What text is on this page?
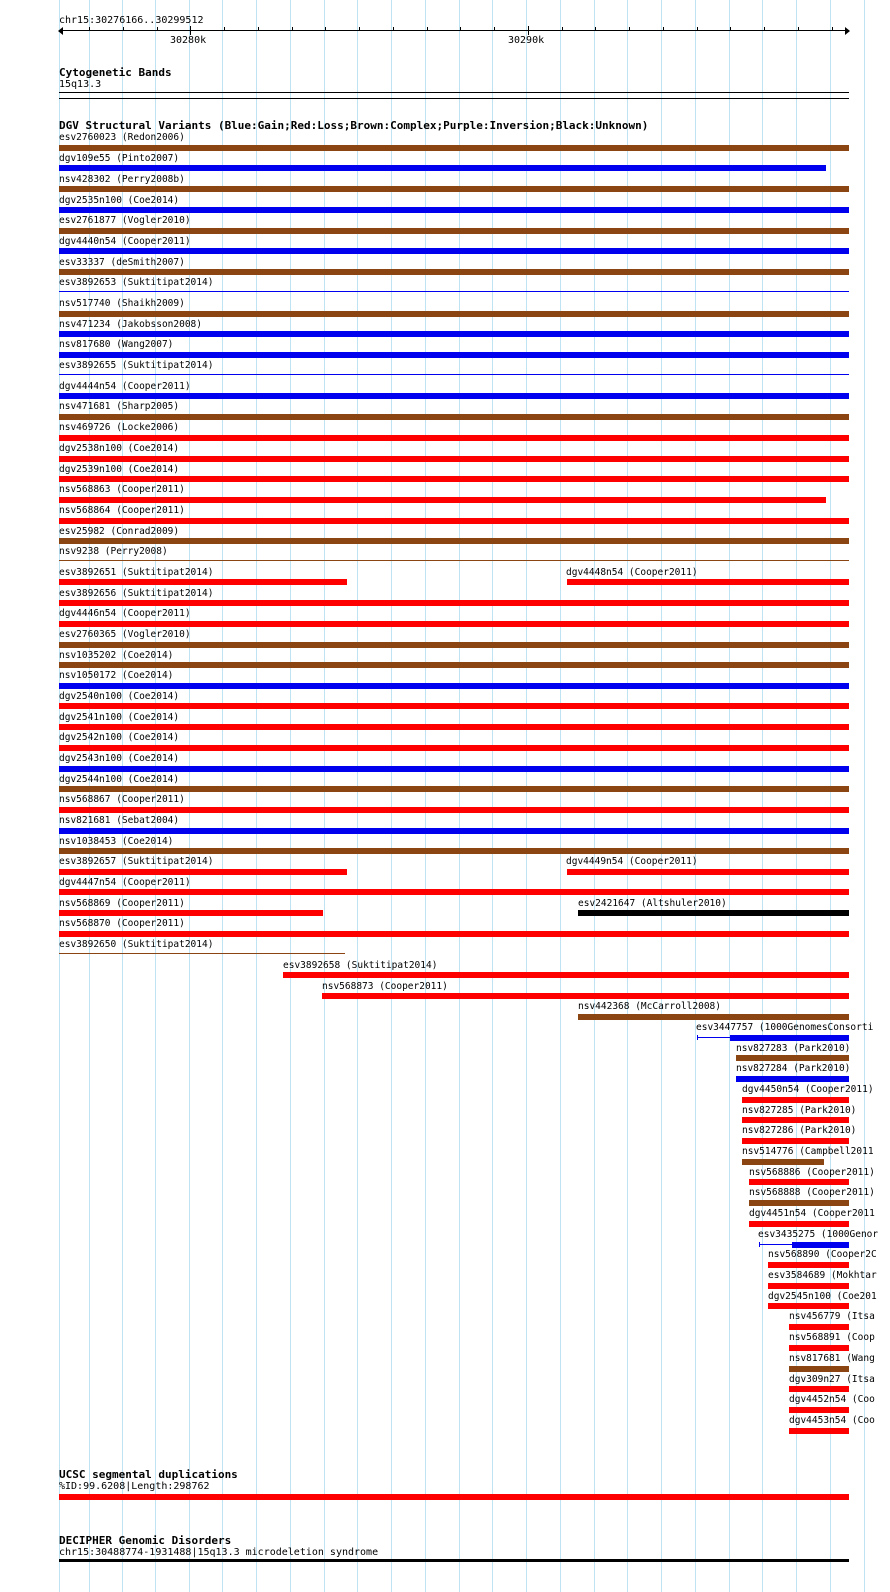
chr15:30276166..30299512
30280k	30290k
Cytogenetic Bands
15q13.3
DGV Structural Variants (Blue:Gain;Red:Loss;Brown:Complex;Purple:Inversion;Black:Unknown)
esv2760023 (Redon2006)
dgv109e55 (Pinto2007)
nsv428302 (Perry2008b)
dgv2535n100 (Coe2014)
esv2761877 (Vogler2010)
dgv4440n54 (Cooper2011)
esv33337 (deSmith2007)
esv3892653 (Suktitipat2014)
nsv517740 (Shaikh2009)
nsv471234 (Jakobsson2008)
nsv817680 (Wang2007)
esv3892655 (Suktitipat2014)
dgv4444n54 (Cooper2011)
nsv471681 (Sharp2005)
nsv469726 (Locke2006)
dgv2538n100 (Coe2014)
dgv2539n100 (Coe2014)
nsv568863 (Cooper2011)
nsv568864 (Cooper2011)
esv25982 (Conrad2009)
nsv9238 (Perry2008)
esv3892651 (Suktitipat2014)	dgv4448n54 (Cooper2011)
esv3892656 (Suktitipat2014)
dgv4446n54 (Cooper2011)
esv2760365 (Vogler2010)
nsv1035202 (Coe2014)
nsv1050172 (Coe2014)
dgv2540n100 (Coe2014)
dgv2541n100 (Coe2014)
dgv2542n100 (Coe2014)
dgv2543n100 (Coe2014)
dgv2544n100 (Coe2014)
nsv568867 (Cooper2011)
nsv821681 (Sebat2004)
nsv1038453 (Coe2014)
esv3892657 (Suktitipat2014)	dgv4449n54 (Cooper2011)
dgv4447n54 (Cooper2011)
nsv568869 (Cooper2011)	esv2421647 (Altshuler2010)
nsv568870 (Cooper2011)
esv3892650 (Suktitipat2014)
esv3892658 (Suktitipat2014)
nsv568873 (Cooper2011)
nsv442368 (McCarroll2008)
esv3447757 (1000GenomesConsorti
nsv827283 (Park2010)
nsv827284 (Park2010)
dgv4450n54 (Cooper2011)
nsv827285 (Park2010)
nsv827286 (Park2010)
nsv514776 (Campbell2011
nsv568886 (Cooper2011)
nsv568888 (Cooper2011)
dgv4451n54 (Cooper2011
esv3435275 (1000Genor
nsv568890 (Cooper2C
esv3584689 (Mokhtar
dgv2545n100 (Coe201
nsv456779 (Itsa
nsv568891 (Coop
nsv817681 (Wang
dgv309n27 (Itsa
dgv4452n54 (Coo
dgv4453n54 (Coo
UCSC segmental duplications
%ID:99.6208|Length:298762
DECIPHER Genomic Disorders
chr15:30488774-1931488|15q13.3 microdeletion syndrome
